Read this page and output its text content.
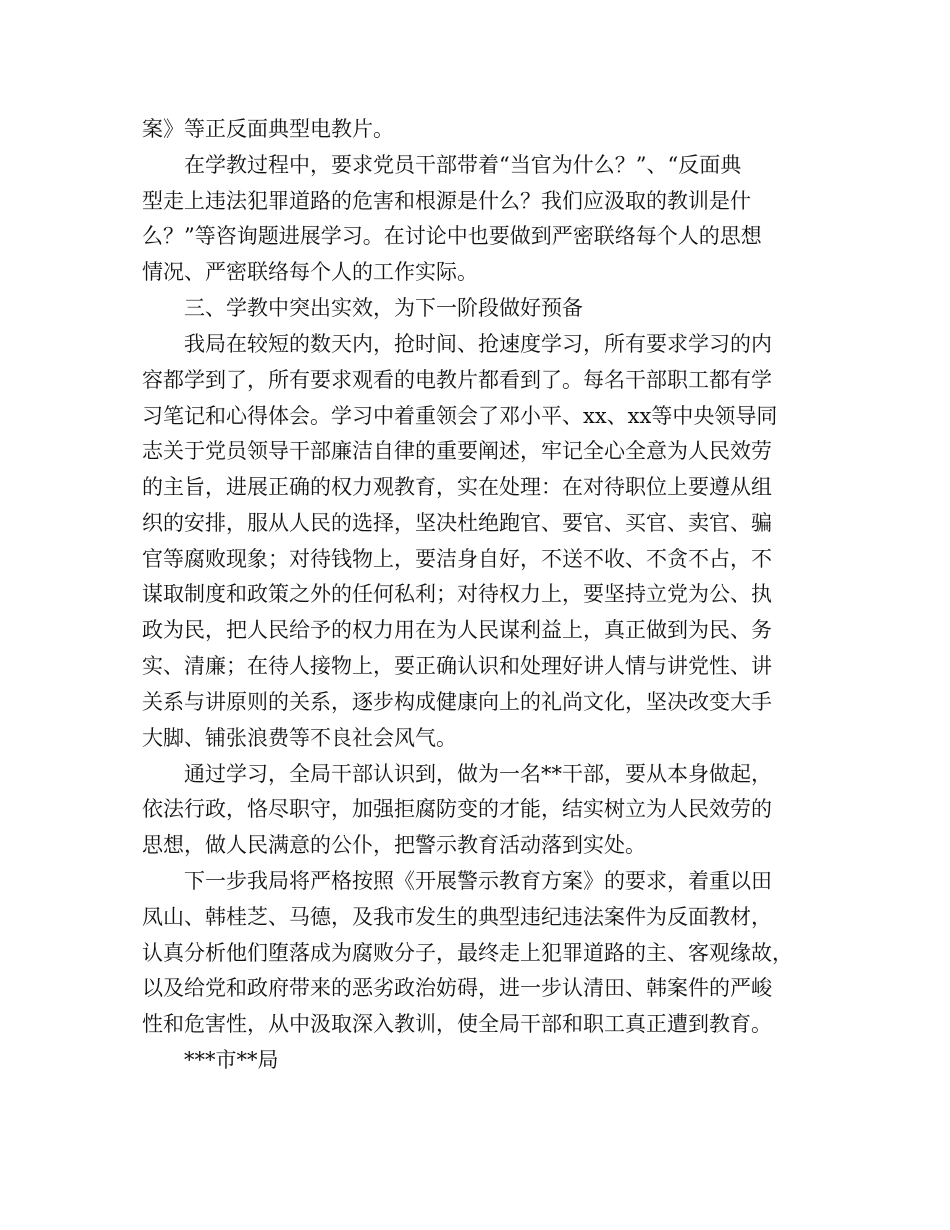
案》等正反面典型电教片。
在学教过程中，要求党员干部带着“当官为什么？”、“反面典
型走上违法犯罪道路的危害和根源是什么？我们应汲取的教训是什
么？”等咨询题进展学习。在讨论中也要做到严密联络每个人的思想
情况、严密联络每个人的工作实际。
三、学教中突出实效，为下一阶段做好预备
我局在较短的数天内，抢时间、抢速度学习，所有要求学习的内
容都学到了，所有要求观看的电教片都看到了。每名干部职工都有学
习笔记和心得体会。学习中着重领会了邓小平、xx、xx等中央领导同
志关于党员领导干部廉洁自律的重要阐述，牢记全心全意为人民效劳
的主旨，进展正确的权力观教育，实在处理：在对待职位上要遵从组
织的安排，服从人民的选择，坚决杜绝跑官、要官、买官、卖官、骗
官等腐败现象；对待钱物上，要洁身自好，不送不收、不贪不占，不
谋取制度和政策之外的任何私利；对待权力上，要坚持立党为公、执
政为民，把人民给予的权力用在为人民谋利益上，真正做到为民、务
实、清廉；在待人接物上，要正确认识和处理好讲人情与讲党性、讲
关系与讲原则的关系，逐步构成健康向上的礼尚文化，坚决改变大手
大脚、铺张浪费等不良社会风气。
通过学习，全局干部认识到，做为一名**干部，要从本身做起，
依法行政，恪尽职守，加强拒腐防变的才能，结实树立为人民效劳的
思想，做人民满意的公仆，把警示教育活动落到实处。
下一步我局将严格按照《开展警示教育方案》的要求，着重以田
凤山、韩桂芝、马德，及我市发生的典型违纪违法案件为反面教材，
认真分析他们堕落成为腐败分子，最终走上犯罪道路的主、客观缘故，
以及给党和政府带来的恶劣政治妨碍，进一步认清田、韩案件的严峻
性和危害性，从中汲取深入教训，使全局干部和职工真正遭到教育。
***市**局
